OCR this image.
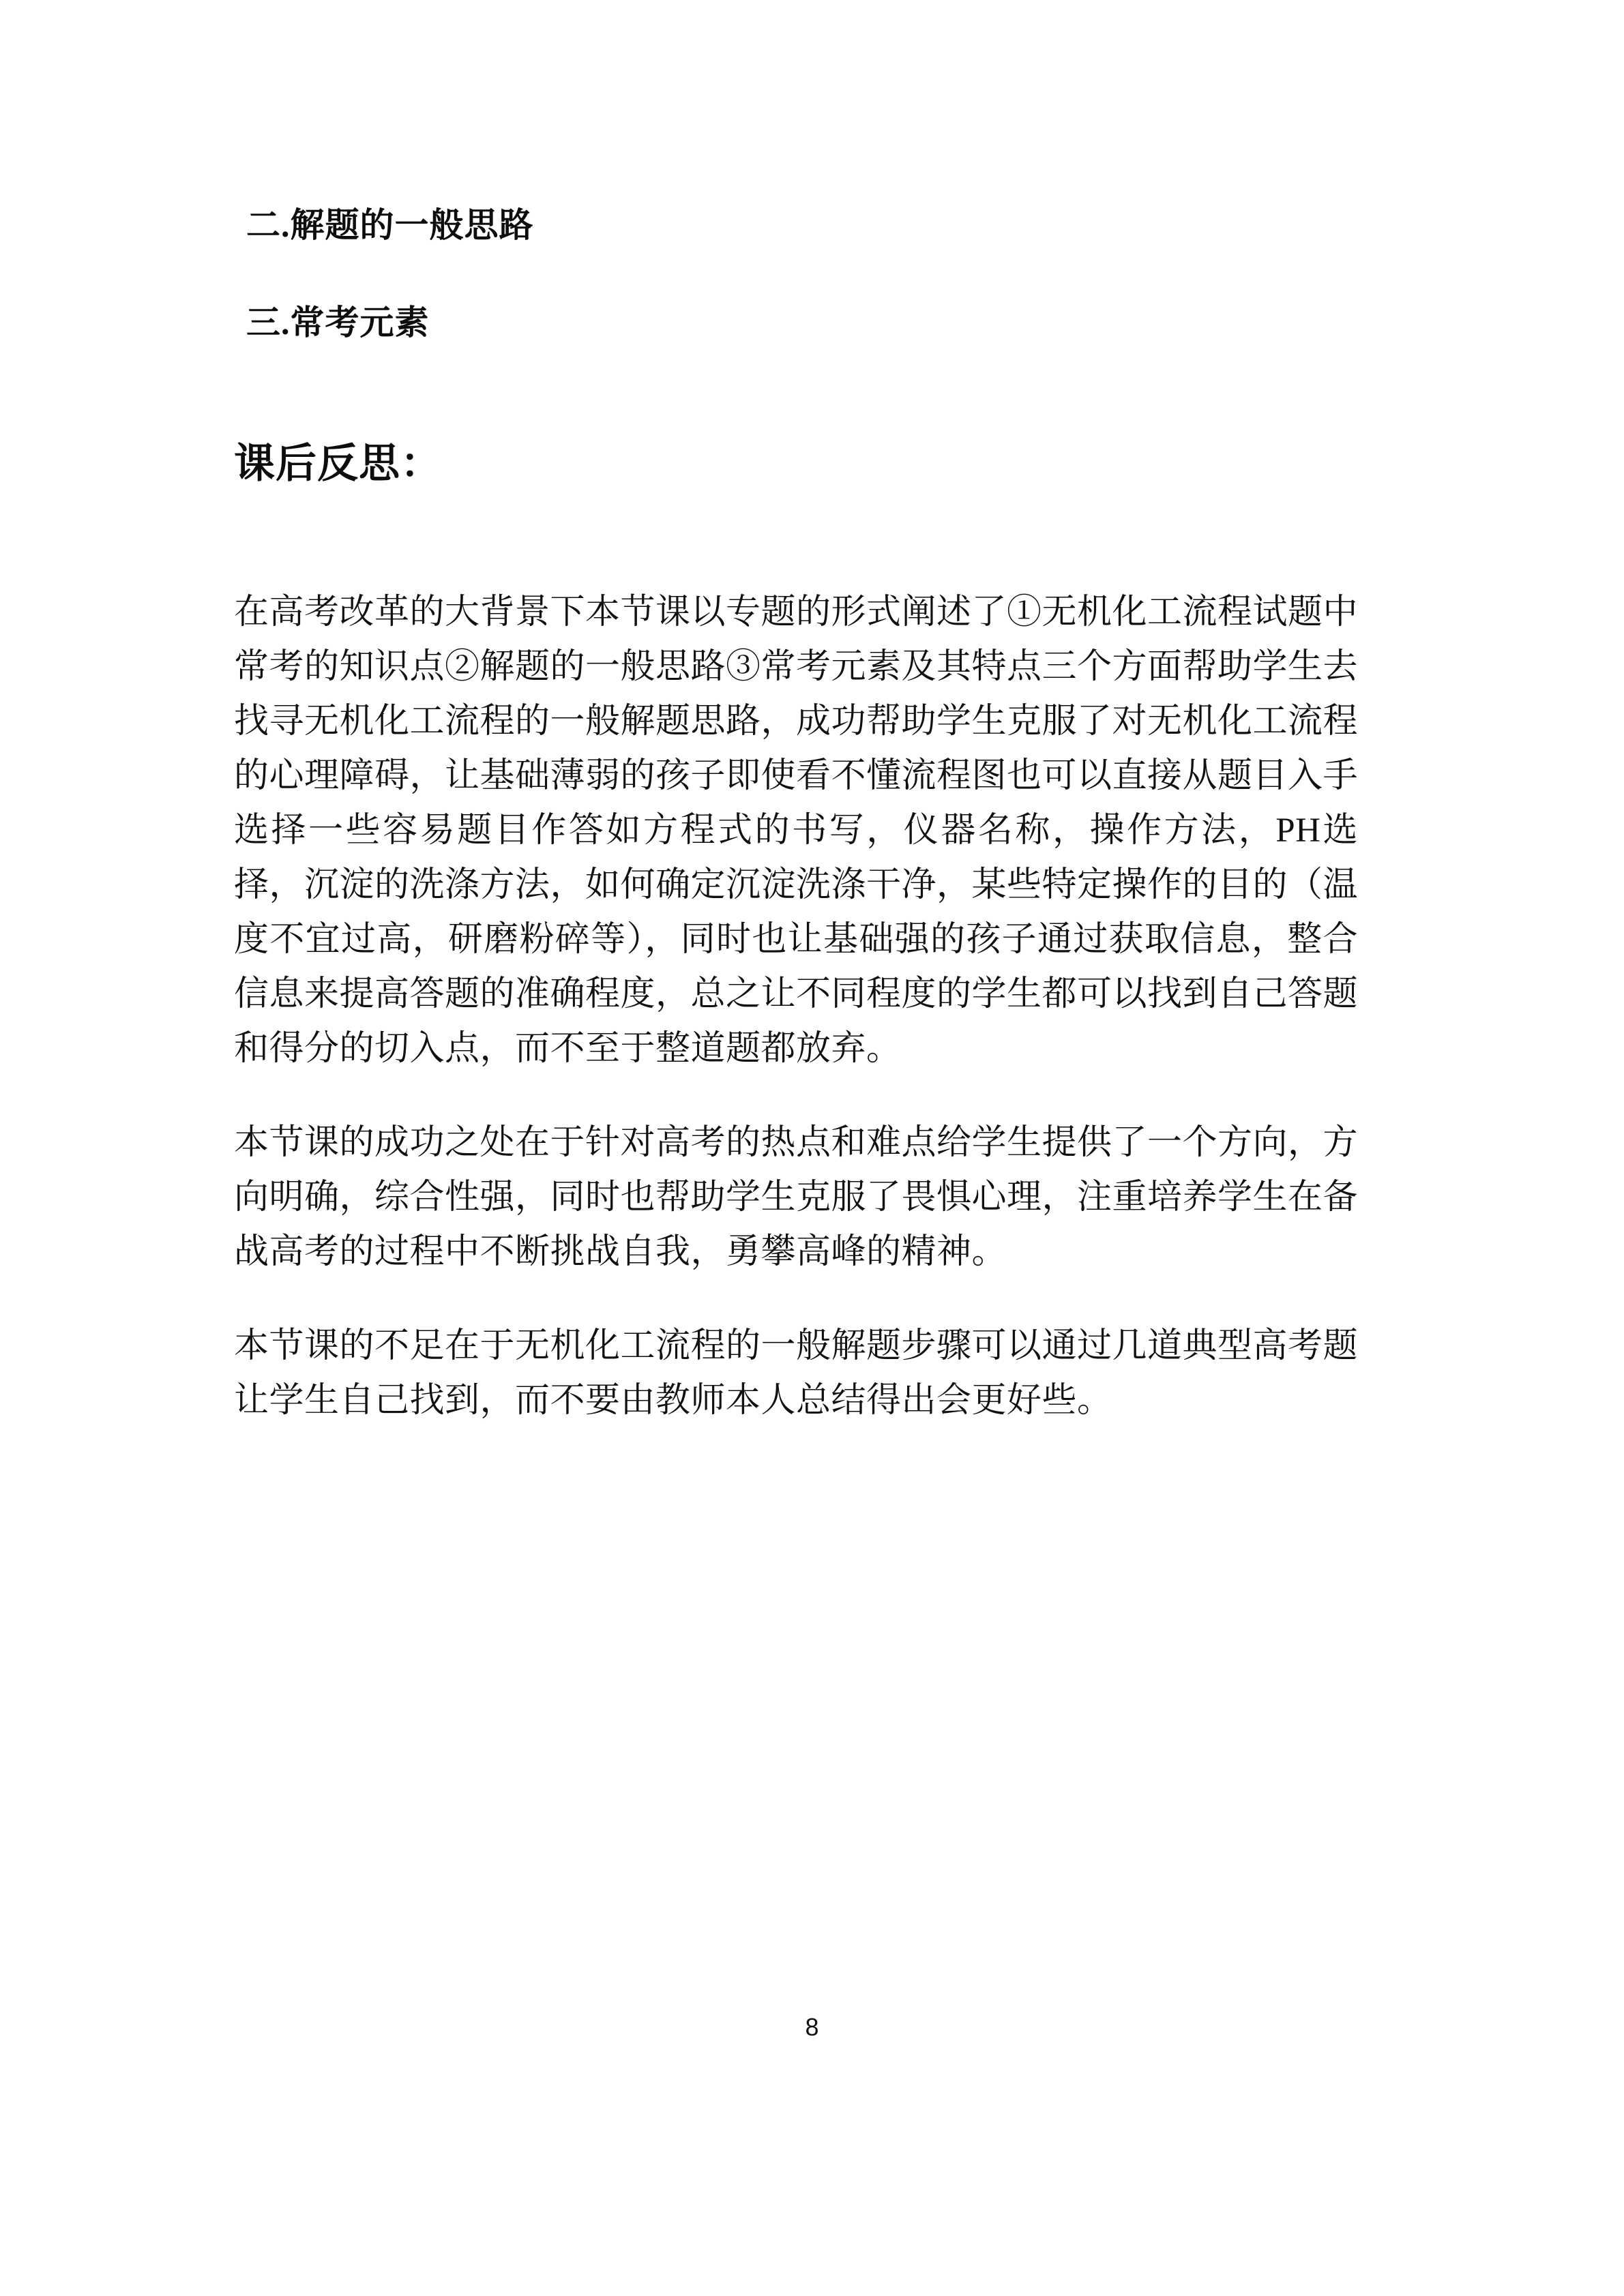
二.解题的一般思路
三.常考元素
课后反思：

在高考改革的大背景下本节课以专题的形式阐述了①无机化工流程试题中常考的知识点②解题的一般思路③常考元素及其特点三个方面帮助学生去找寻无机化工流程的一般解题思路，成功帮助学生克服了对无机化工流程的心理障碍，让基础薄弱的孩子即使看不懂流程图也可以直接从题目入手选择一些容易题目作答如方程式的书写，仪器名称，操作方法，PH选择，沉淀的洗涤方法，如何确定沉淀洗涤干净，某些特定操作的目的（温度不宜过高，研磨粉碎等），同时也让基础强的孩子通过获取信息，整合信息来提高答题的准确程度，总之让不同程度的学生都可以找到自己答题和得分的切入点，而不至于整道题都放弃。

本节课的成功之处在于针对高考的热点和难点给学生提供了一个方向，方向明确，综合性强，同时也帮助学生克服了畏惧心理，注重培养学生在备战高考的过程中不断挑战自我，勇攀高峰的精神。

本节课的不足在于无机化工流程的一般解题步骤可以通过几道典型高考题让学生自己找到，而不要由教师本人总结得出会更好些。

8
